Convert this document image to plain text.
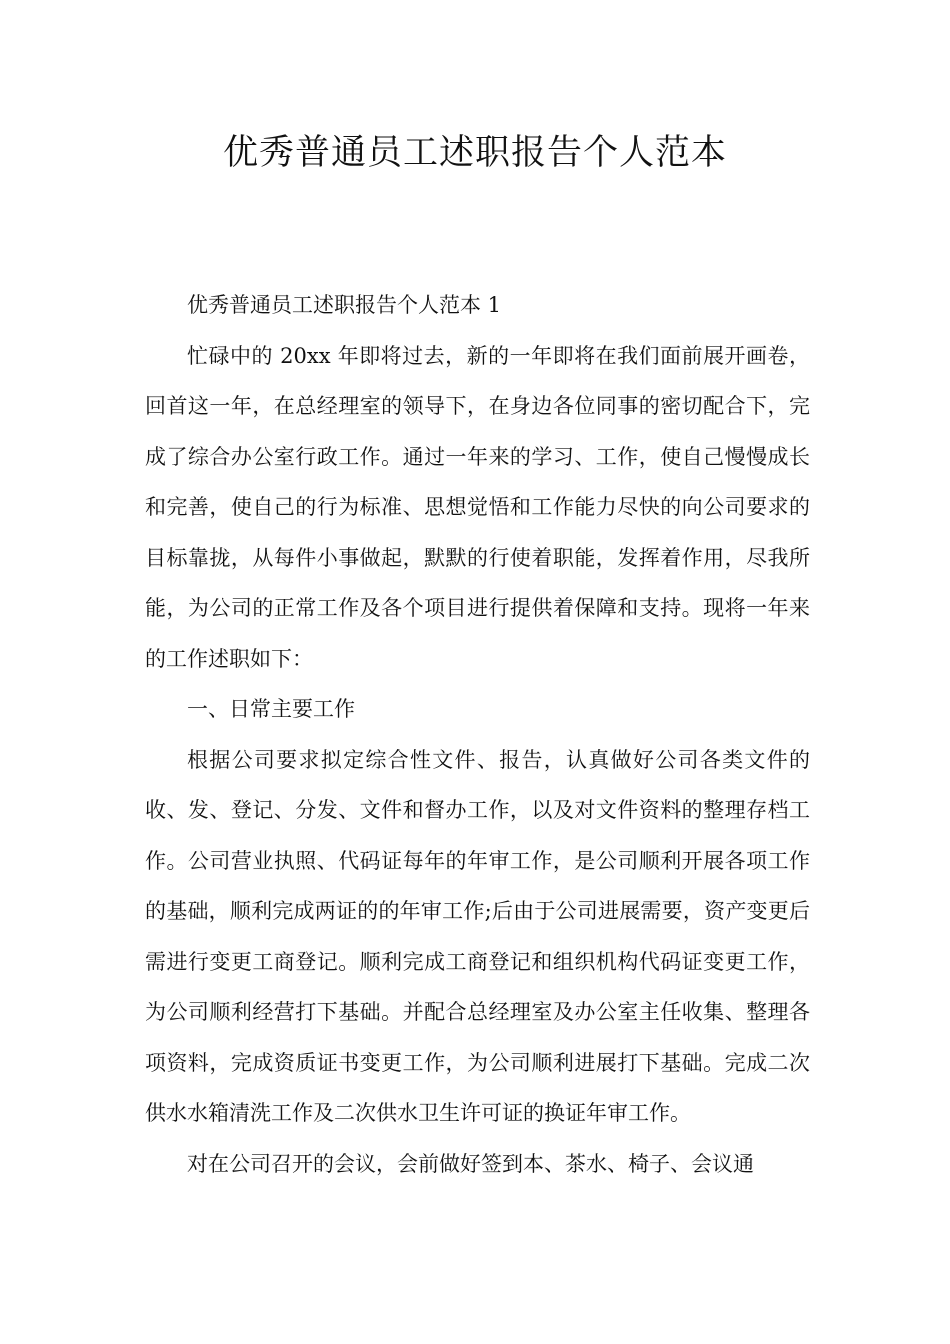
优秀普通员工述职报告个人范本

优秀普通员工述职报告个人范本 1

忙碌中的 20xx 年即将过去，新的一年即将在我们面前展开画卷，回首这一年，在总经理室的领导下，在身边各位同事的密切配合下，完成了综合办公室行政工作。通过一年来的学习、工作，使自己慢慢成长和完善，使自己的行为标准、思想觉悟和工作能力尽快的向公司要求的目标靠拢，从每件小事做起，默默的行使着职能，发挥着作用，尽我所能，为公司的正常工作及各个项目进行提供着保障和支持。现将一年来的工作述职如下：

一、日常主要工作

根据公司要求拟定综合性文件、报告，认真做好公司各类文件的收、发、登记、分发、文件和督办工作，以及对文件资料的整理存档工作。公司营业执照、代码证每年的年审工作，是公司顺利开展各项工作的基础，顺利完成两证的的年审工作;后由于公司进展需要，资产变更后需进行变更工商登记。顺利完成工商登记和组织机构代码证变更工作，为公司顺利经营打下基础。并配合总经理室及办公室主任收集、整理各项资料，完成资质证书变更工作，为公司顺利进展打下基础。完成二次供水水箱清洗工作及二次供水卫生许可证的换证年审工作。

对在公司召开的会议，会前做好签到本、茶水、椅子、会议通
